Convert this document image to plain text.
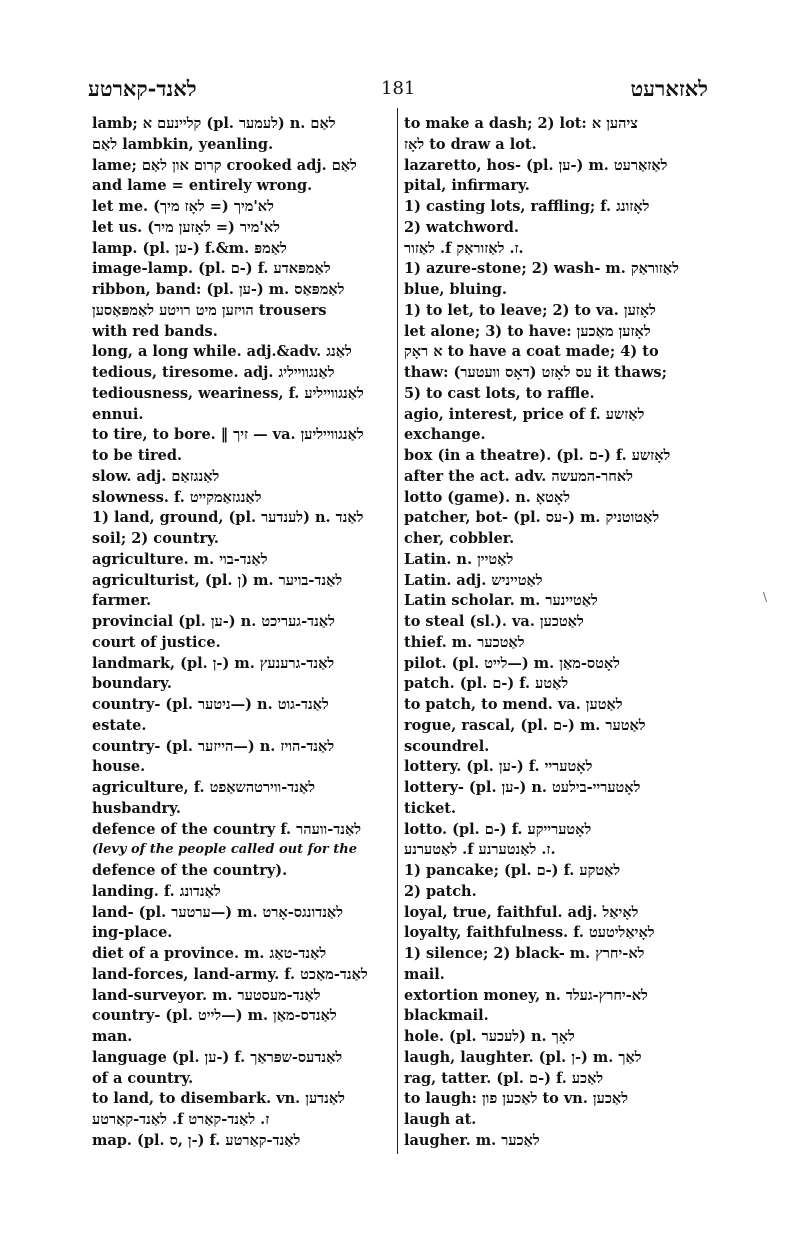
לאנד-קארטע	181	לאזארעט
lamb; קליינעם א (pl. לעמער) n. לאַם
לאַם lambkin, yeanling.
lame; קרום און לאַם crooked adj. לאַם
and lame = entirely wrong.
let me. (לאָז מיך =) לא'מיך
let us. (לאָזען מיר =) לא'מיר
lamp. (pl. ען-) f.&m. לאַמפּ
image-lamp. (pl. ם-) f. לאַמפּאדע
ribbon, band: (pl. ען-) m. לאַמפּאַס
הויזען מיט רויטע לאַמפּאַסען trousers
with red bands.
long, a long while. adj.&adv. לאַנג
tedious, tiresome. adj. לאַנגווייליג
tediousness, weariness, f. לאַנגווייליע
ennui.
to tire, to bore. ‖ זיך — va. לאַנגווייליען
to be tired.
slow. adj. לאַנגזאַם
slowness. f. לאַנגזאַמקייט
1) land, ground, (pl. לענדער) n. לאַנד
soil; 2) country.
agriculture. m. לאַנד-בוי
agriculturist, (pl. ן) m. לאַנד-בויער
farmer.
provincial (pl. ען-) n. לאַנד-געריכט
court of justice.
landmark, (pl. ן-) m. לאַנד-גרענעץ
boundary.
country- (pl. ניטער—) n. לאַנד-גוט
estate.
country- (pl. הייזער—) n. לאַנד-הויז
house.
agriculture, f. לאַנד-ווירטהשאַפט
husbandry.
defence of the country f. לאַנד-וועהר
(levy of the people called out for the
defence of the country).
landing. f. לאַנדונג
land- (pl. ערטער—) m. לאַנדונגס-אָרט
ing-place.
diet of a province. m. לאַנד-טאַג
land-forces, land-army. f. לאַנד-מאַכט
land-surveyor. m. לאַנד-מעסטער
country- (pl. לייט—) m. לאַנדס-מאַן
man.
language (pl. ען-) f. לאַנדעס-שפּראַך
of a country.
to land, to disembark. vn. לאַנדען
לאַנד-קאַרטע .f ז. לאַנד-קאַרט
map. (pl. ן ,ס-) f. לאַנד-קאַרטע
to make a dash; 2) lot: ציהען א
לאָז to draw a lot.
lazaretto, hos- (pl. ען-) m. לאַזאַרעט
pital, infirmary.
1) casting lots, raffling; f. לאָזונג
2) watchword.
לאַזור .f ז. לאַזוראַק.
1) azure-stone; 2) wash- m. לאַזוראַק
blue, bluing.
1) to let, to leave; 2) to va. לאָזען
let alone; 3) to have: לאָזען מאַכען
א ראָק to have a coat made; 4) to
thaw: עס לאָזט (דאָס וועטער) it thaws;
5) to cast lots, to raffle.
agio, interest, price of f. לאַזשע
exchange.
box (in a theatre). (pl. ם-) f. לאָזשע
after the act. adv. לאחר-המעשה
lotto (game). n. לאָטאָ
patcher, bot- (pl. עס-) m. לאַטוטניק
cher, cobbler.
Latin. n. לאַטיין
Latin. adj. לאַטייניש
Latin scholar. m. לאַטיינער
to steal (sl.). va. לאַטכען
thief. m. לאַטכער
pilot. (pl. לייט—) m. לאָטס-מאַן
patch. (pl. ם-) f. לאַטע
to patch, to mend. va. לאַטען
rogue, rascal, (pl. ם-) m. לאַטער
scoundrel.
lottery. (pl. ען-) f. לאָטעריי
lottery- (pl. ען-) n. לאָטעריי-בילעט
ticket.
lotto. (pl. ם-) f. לאָטערייקע
לאַטערנע .f ז. לאַנטערנע.
1) pancake; (pl. ם-) f. לאַטקע
2) patch.
loyal, true, faithful. adj. לאָיאַל
loyalty, faithfulness. f. לאָיאַליטעט
1) silence; 2) black- m. לא-יחרץ
mail.
extortion money, n. לא-יחרץ-געלד
blackmail.
hole. (pl. לעכער) n. לאָך
laugh, laughter. (pl. ן-) m. לאַך
rag, tatter. (pl. ם-) f. לאַכע
to laugh: לאַכען פון to vn. לאַכען
laugh at.
laugher. m. לאַכער
\
